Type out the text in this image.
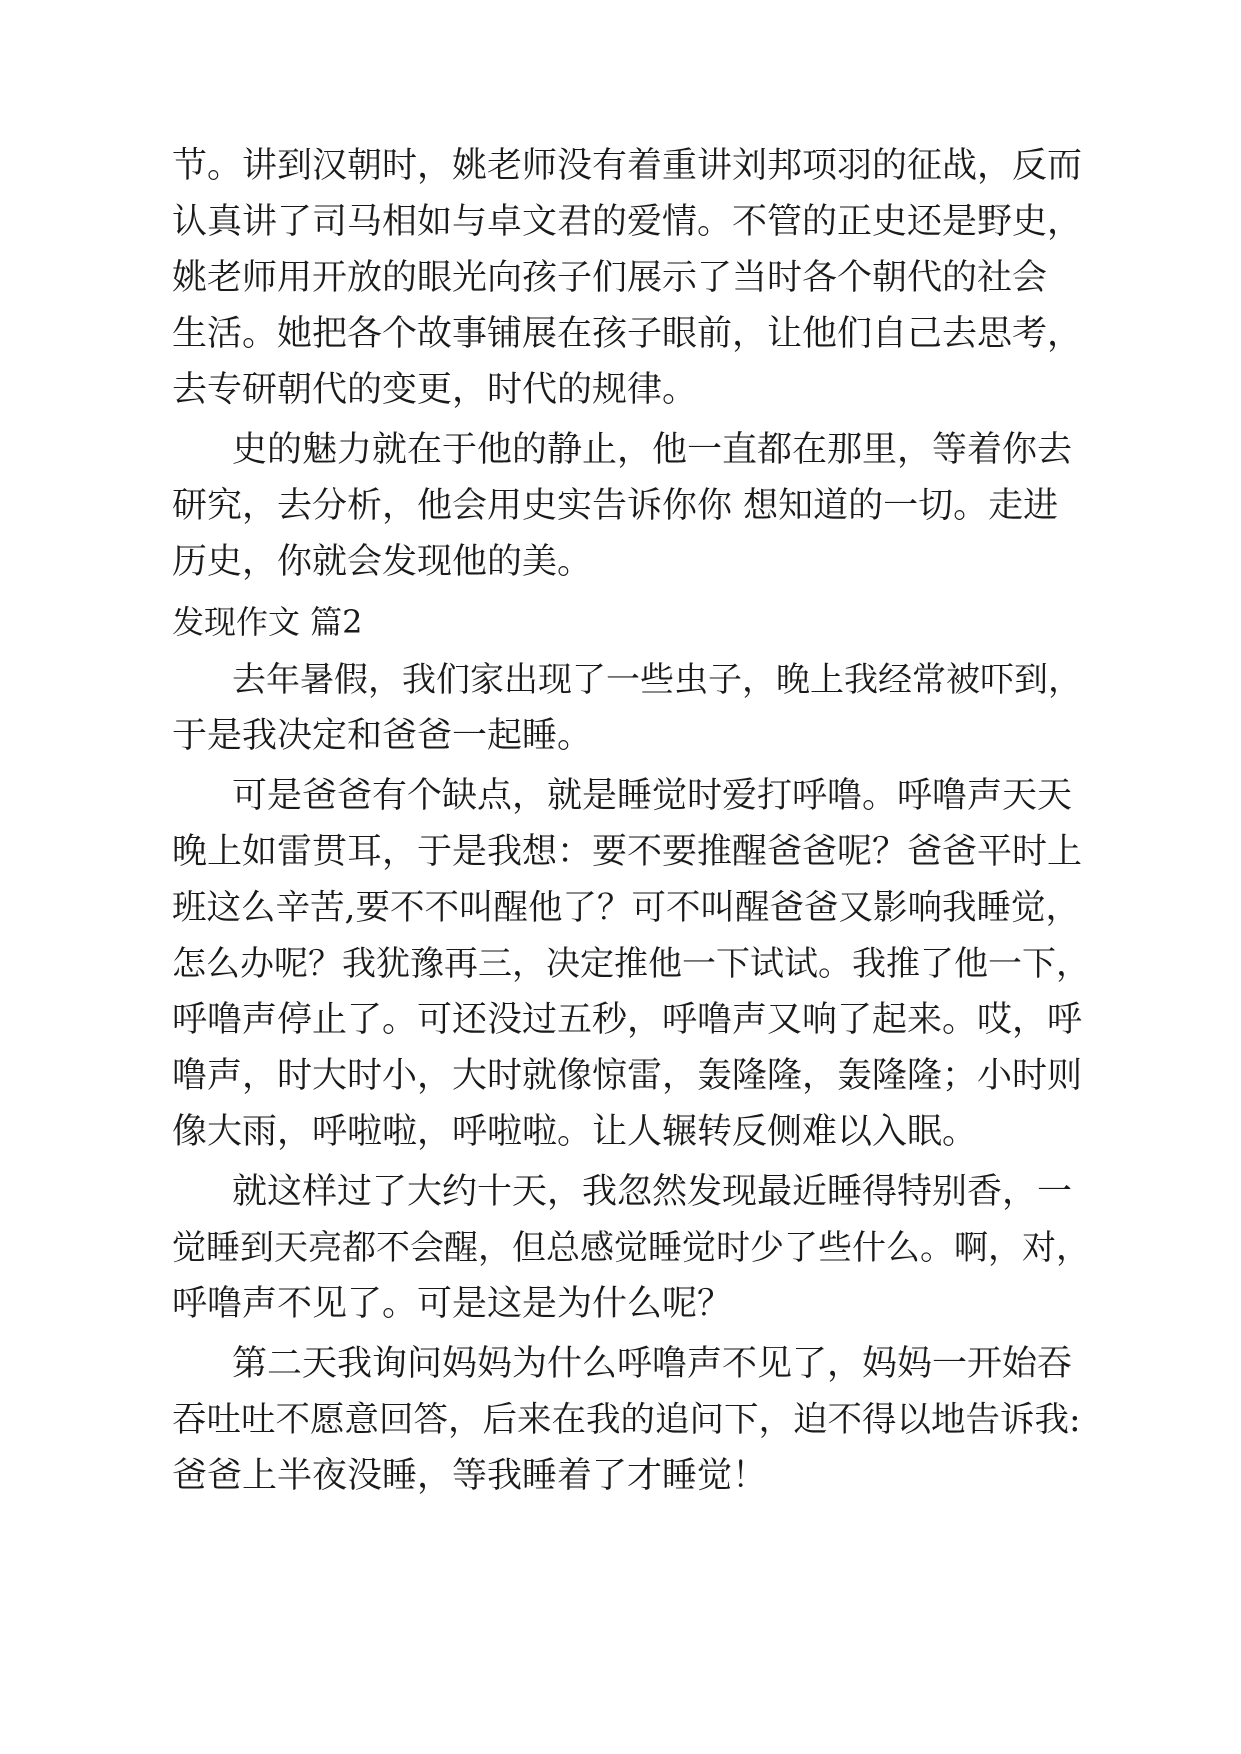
节。讲到汉朝时，姚老师没有着重讲刘邦项羽的征战，反而
认真讲了司马相如与卓文君的爱情。不管的正史还是野史，
姚老师用开放的眼光向孩子们展示了当时各个朝代的社会
生活。她把各个故事铺展在孩子眼前，让他们自己去思考，
去专研朝代的变更，时代的规律。
史的魅力就在于他的静止，他一直都在那里，等着你去
研究，去分析，他会用史实告诉你你 想知道的一切。走进
历史，你就会发现他的美。
发现作文 篇2
去年暑假，我们家出现了一些虫子，晚上我经常被吓到，
于是我决定和爸爸一起睡。
可是爸爸有个缺点，就是睡觉时爱打呼噜。呼噜声天天
晚上如雷贯耳，于是我想：要不要推醒爸爸呢？爸爸平时上
班这么辛苦,要不不叫醒他了？可不叫醒爸爸又影响我睡觉，
怎么办呢？我犹豫再三，决定推他一下试试。我推了他一下，
呼噜声停止了。可还没过五秒，呼噜声又响了起来。哎，呼
噜声，时大时小，大时就像惊雷，轰隆隆，轰隆隆；小时则
像大雨，呼啦啦，呼啦啦。让人辗转反侧难以入眠。
就这样过了大约十天，我忽然发现最近睡得特别香，一
觉睡到天亮都不会醒，但总感觉睡觉时少了些什么。啊，对，
呼噜声不见了。可是这是为什么呢？
第二天我询问妈妈为什么呼噜声不见了，妈妈一开始吞
吞吐吐不愿意回答，后来在我的追问下，迫不得以地告诉我:
爸爸上半夜没睡，等我睡着了才睡觉！
